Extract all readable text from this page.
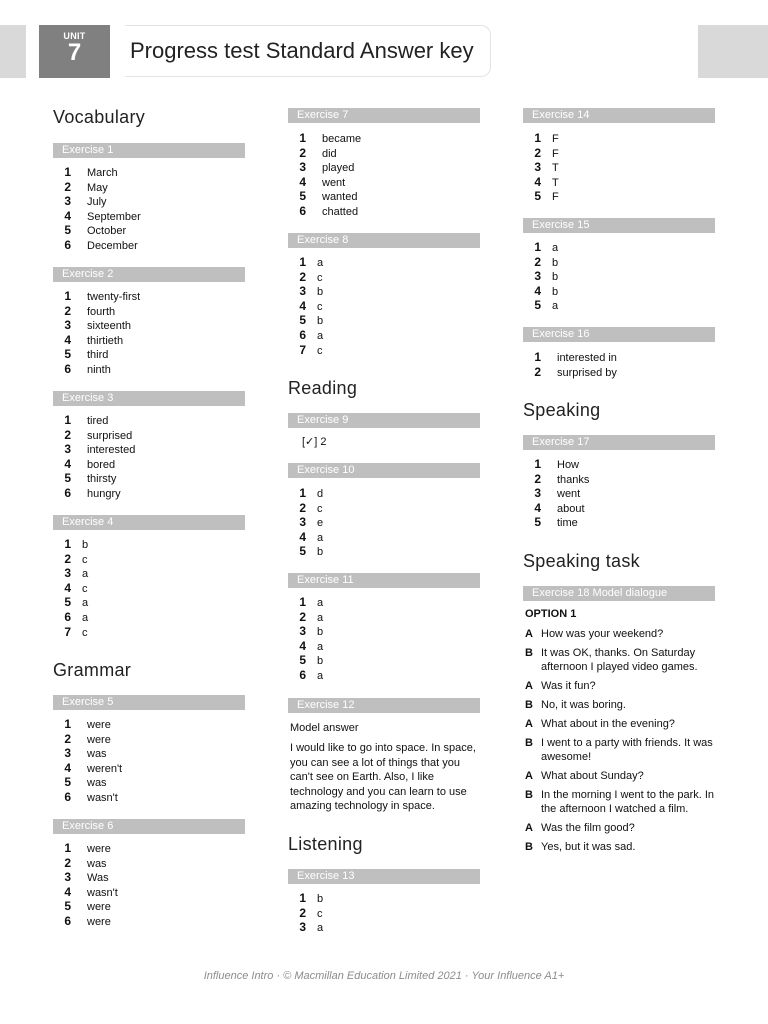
UNIT
7	Progress test Standard Answer key
Vocabulary
Exercise 1
1 March
2 May
3 July
4 September
5 October
6 December
Exercise 2
1 twenty-first
2 fourth
3 sixteenth
4 thirtieth
5 third
6 ninth
Exercise 3
1 tired
2 surprised
3 interested
4 bored
5 thirsty
6 hungry
Exercise 4
1 b
2 c
3 a
4 c
5 a
6 a
7 c
Grammar
Exercise 5
1 were
2 were
3 was
4 weren't
5 was
6 wasn't
Exercise 6
1 were
2 was
3 Was
4 wasn't
5 were
6 were
Exercise 7
1 became
2 did
3 played
4 went
5 wanted
6 chatted
Exercise 8
1 a
2 c
3 b
4 c
5 b
6 a
7 c
Reading
Exercise 9
[✓] 2
Exercise 10
1 d
2 c
3 e
4 a
5 b
Exercise 11
1 a
2 a
3 b
4 a
5 b
6 a
Exercise 12
Model answer
I would like to go into space. In space, you can see a lot of things that you can't see on Earth. Also, I like technology and you can learn to use amazing technology in space.
Listening
Exercise 13
1 b
2 c
3 a
Exercise 14
1 F
2 F
3 T
4 T
5 F
Exercise 15
1 a
2 b
3 b
4 b
5 a
Exercise 16
1 interested in
2 surprised by
Speaking
Exercise 17
1 How
2 thanks
3 went
4 about
5 time
Speaking task
Exercise 18 Model dialogue
OPTION 1
A How was your weekend?
B It was OK, thanks. On Saturday afternoon I played video games.
A Was it fun?
B No, it was boring.
A What about in the evening?
B I went to a party with friends. It was awesome!
A What about Sunday?
B In the morning I went to the park. In the afternoon I watched a film.
A Was the film good?
B Yes, but it was sad.
Influence Intro · © Macmillan Education Limited 2021 · Your Influence A1+
